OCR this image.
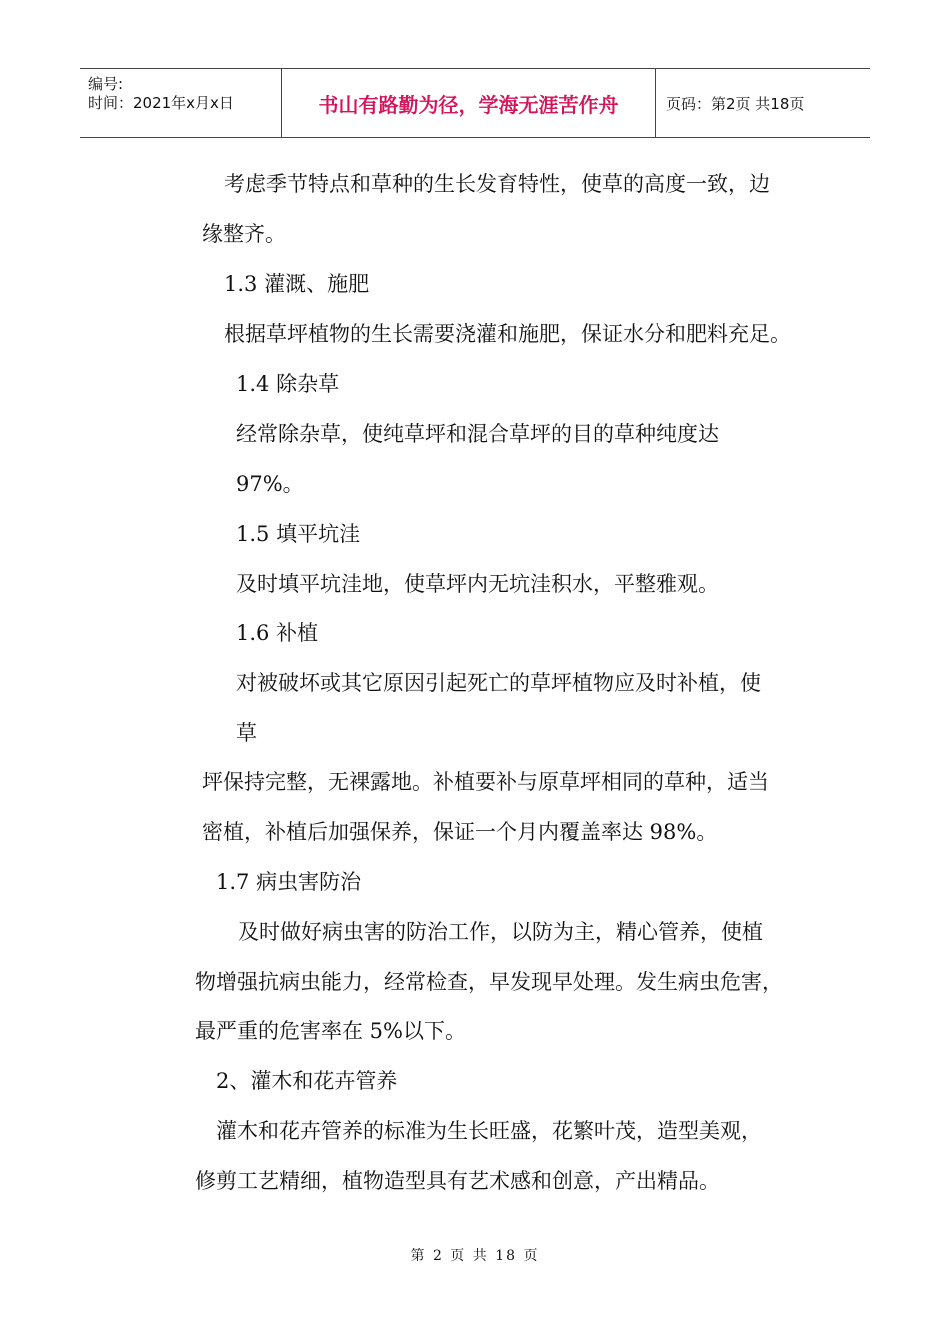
编号:
时间：2021年x月x日	书山有路勤为径，学海无涯苦作舟	页码：第2页 共18页
考虑季节特点和草种的生长发育特性，使草的高度一致，边
缘整齐。
1.3 灌溉、施肥
根据草坪植物的生长需要浇灌和施肥，保证水分和肥料充足。
1.4 除杂草
经常除杂草，使纯草坪和混合草坪的目的草种纯度达
97%。
1.5 填平坑洼
及时填平坑洼地，使草坪内无坑洼积水，平整雅观。
1.6 补植
对被破坏或其它原因引起死亡的草坪植物应及时补植，使
草
坪保持完整，无裸露地。补植要补与原草坪相同的草种，适当
密植，补植后加强保养，保证一个月内覆盖率达 98%。
1.7 病虫害防治
及时做好病虫害的防治工作，以防为主，精心管养，使植
物增强抗病虫能力，经常检查，早发现早处理。发生病虫危害，
最严重的危害率在 5%以下。
2、灌木和花卉管养
灌木和花卉管养的标准为生长旺盛，花繁叶茂，造型美观，
修剪工艺精细，植物造型具有艺术感和创意，产出精品。
第 2 页 共 18 页
